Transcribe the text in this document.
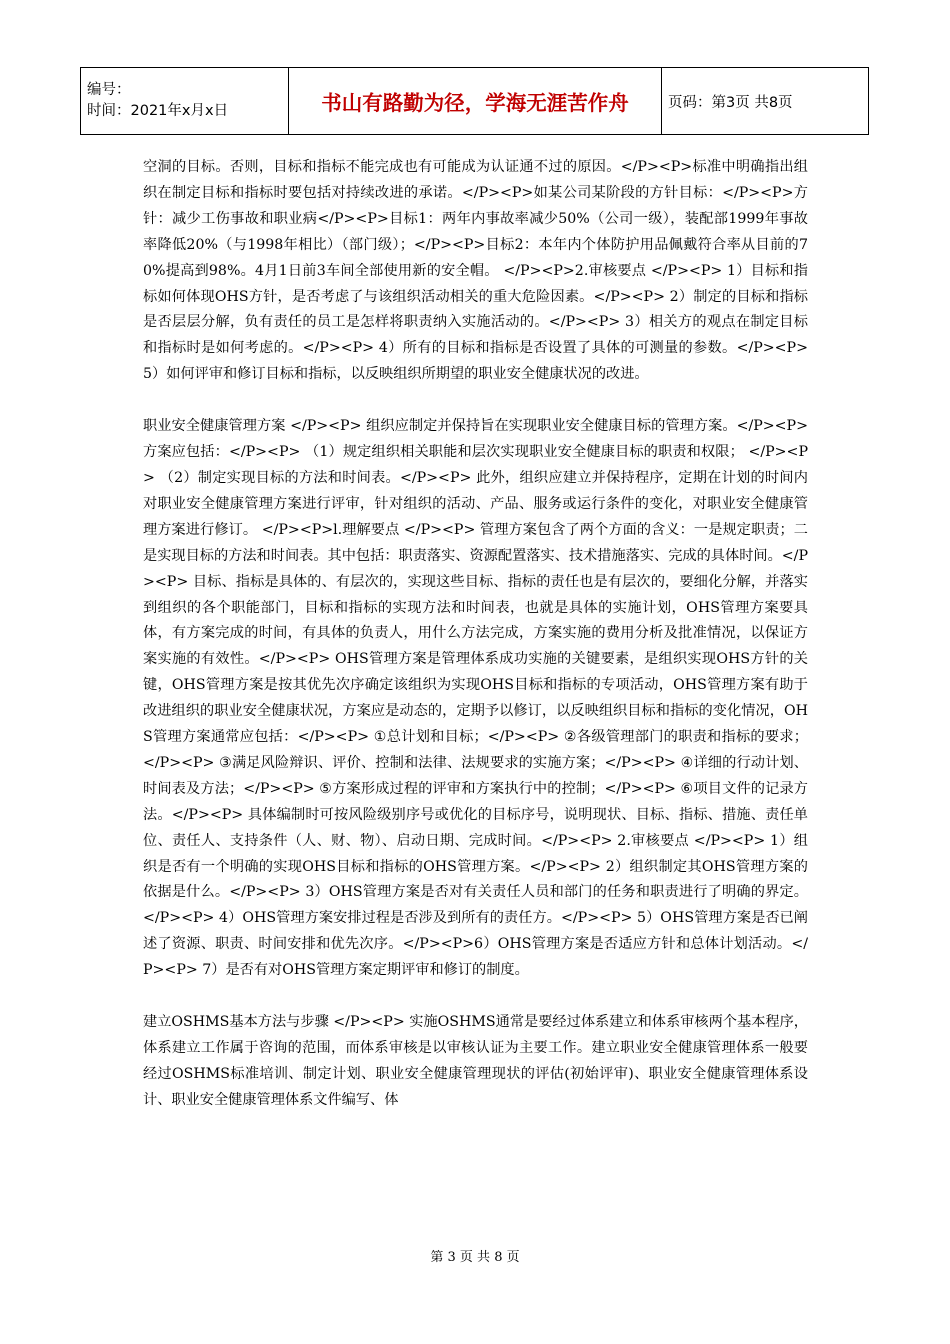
编号：
时间：2021年x月x日	书山有路勤为径，学海无涯苦作舟	页码：第3页 共8页

空洞的目标。否则，目标和指标不能完成也有可能成为认证通不过的原因。</P><P>标准中明确指出组织在制定目标和指标时要包括对持续改进的承诺。</P><P>如某公司某阶段的方针目标：</P><P>方针：减少工伤事故和职业病</P><P>目标1：两年内事故率减少50%（公司一级），装配部1999年事故率降低20%（与1998年相比）（部门级）；</P><P>目标2：本年内个体防护用品佩戴符合率从目前的70%提高到98%。4月1日前3车间全部使用新的安全帽。 </P><P>2.审核要点 </P><P> 1）目标和指标如何体现OHS方针，是否考虑了与该组织活动相关的重大危险因素。</P><P> 2）制定的目标和指标是否层层分解，负有责任的员工是怎样将职责纳入实施活动的。</P><P> 3）相关方的观点在制定目标和指标时是如何考虑的。</P><P> 4）所有的目标和指标是否设置了具体的可测量的参数。</P><P> 5）如何评审和修订目标和指标，以反映组织所期望的职业安全健康状况的改进。

职业安全健康管理方案 </P><P> 组织应制定并保持旨在实现职业安全健康目标的管理方案。</P><P> 方案应包括：</P><P> （1）规定组织相关职能和层次实现职业安全健康目标的职责和权限； </P><P> （2）制定实现目标的方法和时间表。</P><P> 此外，组织应建立并保持程序，定期在计划的时间内对职业安全健康管理方案进行评审，针对组织的活动、产品、服务或运行条件的变化，对职业安全健康管理方案进行修订。 </P><P>l.理解要点 </P><P> 管理方案包含了两个方面的含义：一是规定职责；二是实现目标的方法和时间表。其中包括：职责落实、资源配置落实、技术措施落实、完成的具体时间。</P><P> 目标、指标是具体的、有层次的，实现这些目标、指标的责任也是有层次的，要细化分解，并落实到组织的各个职能部门，目标和指标的实现方法和时间表，也就是具体的实施计划，OHS管理方案要具体，有方案完成的时间，有具体的负责人，用什么方法完成，方案实施的费用分析及批准情况，以保证方案实施的有效性。</P><P> OHS管理方案是管理体系成功实施的关键要素，是组织实现OHS方针的关键，OHS管理方案是按其优先次序确定该组织为实现OHS目标和指标的专项活动，OHS管理方案有助于改进组织的职业安全健康状况，方案应是动态的，定期予以修订，以反映组织目标和指标的变化情况，OHS管理方案通常应包括：</P><P> ①总计划和目标；</P><P> ②各级管理部门的职责和指标的要求；</P><P> ③满足风险辩识、评价、控制和法律、法规要求的实施方案；</P><P> ④详细的行动计划、时间表及方法；</P><P> ⑤方案形成过程的评审和方案执行中的控制；</P><P> ⑥项目文件的记录方法。</P><P> 具体编制时可按风险级别序号或优化的目标序号，说明现状、目标、指标、措施、责任单位、责任人、支持条件（人、财、物）、启动日期、完成时间。</P><P> 2.审核要点 </P><P> 1）组织是否有一个明确的实现OHS目标和指标的OHS管理方案。</P><P> 2）组织制定其OHS管理方案的依据是什么。</P><P> 3）OHS管理方案是否对有关责任人员和部门的任务和职责进行了明确的界定。 </P><P> 4）OHS管理方案安排过程是否涉及到所有的责任方。</P><P> 5）OHS管理方案是否已阐述了资源、职责、时间安排和优先次序。</P><P>6）OHS管理方案是否适应方针和总体计划活动。</P><P> 7）是否有对OHS管理方案定期评审和修订的制度。

建立OSHMS基本方法与步骤 </P><P> 实施OSHMS通常是要经过体系建立和体系审核两个基本程序，体系建立工作属于咨询的范围，而体系审核是以审核认证为主要工作。建立职业安全健康管理体系一般要经过OSHMS标准培训、制定计划、职业安全健康管理现状的评估(初始评审)、职业安全健康管理体系设计、职业安全健康管理体系文件编写、体

第 3 页 共 8 页
